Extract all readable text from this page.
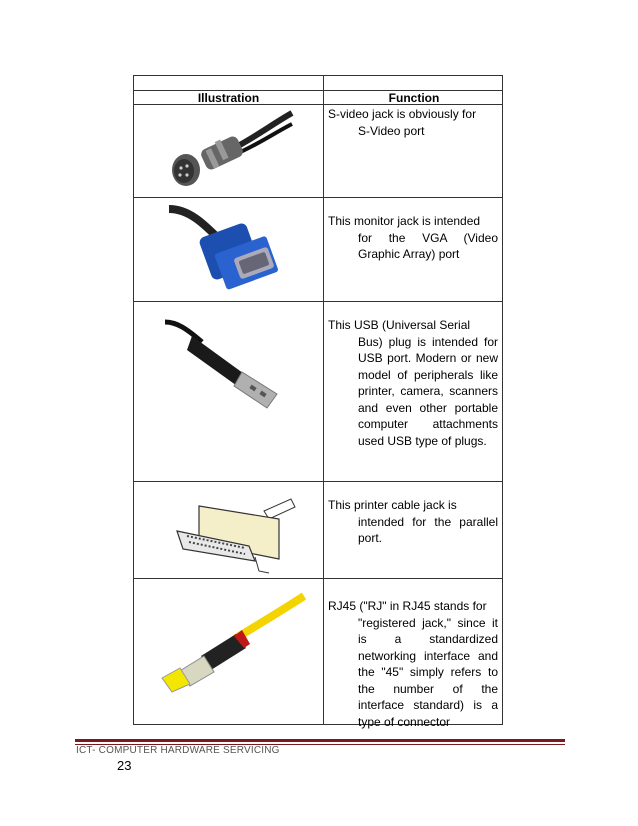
Illustration	Function
S-video jack is obviously for
S-Video port
This monitor jack is intended
for the VGA (Video Graphic Array) port
This USB (Universal Serial
Bus) plug is intended for USB port. Modern or new model of peripherals like printer, camera, scanners and even other portable computer attachments used USB type of plugs.
This printer cable jack is
intended for the parallel port.
RJ45 ("RJ" in RJ45 stands for
"registered jack," since it is a standardized networking interface and the "45" simply refers to the number of the interface standard) is a type of connector
ICT- COMPUTER HARDWARE SERVICING
23
